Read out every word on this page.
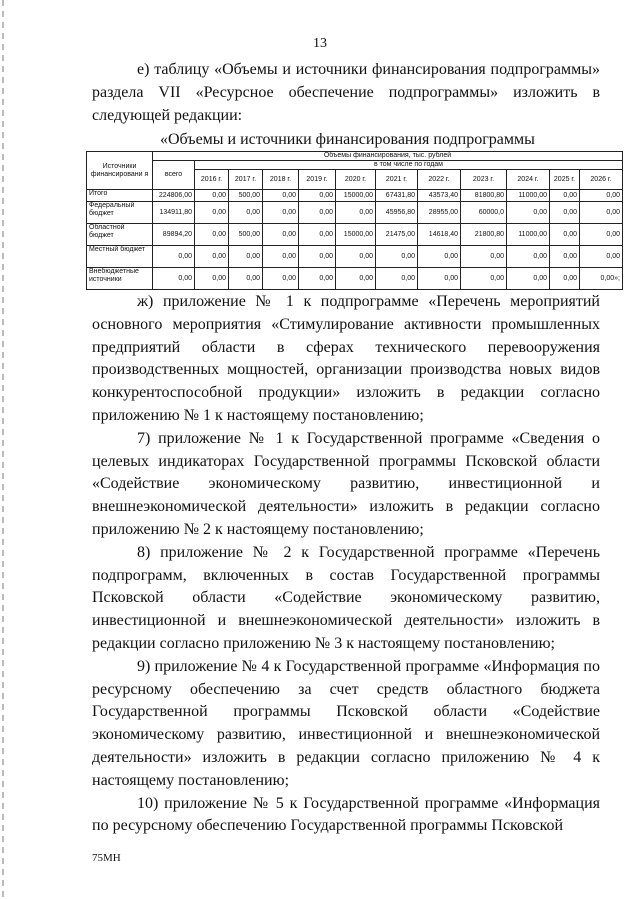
13

е) таблицу «Объемы и источники финансирования подпрограммы» раздела VII «Ресурсное обеспечение подпрограммы» изложить в следующей редакции:

«Объемы и источники финансирования подпрограммы
Источники финансировани я	Объемы финансирования, тыс. рублей											
	всего	в том числе по годам										
		2016 г.	2017 г.	2018 г.	2019 г.	2020 г.	2021 г.	2022 г.	2023 г.	2024 г.	2025 г.	2026 г.
Итого	224806,00	0,00	500,00	0,00	0,00	15000,00	67431,80	43573,40	81800,80	11000,00	0,00	0,00
Федеральный бюджет	134911,80	0,00	0,00	0,00	0,00	0,00	45956,80	28955,00	60000,0	0,00	0,00	0,00
Областной бюджет	89894,20	0,00	500,00	0,00	0,00	15000,00	21475,00	14618,40	21800,80	11000,00	0,00	0,00
Местный бюджет	0,00	0,00	0,00	0,00	0,00	0,00	0,00	0,00	0,00	0,00	0,00	0,00
Внебюджетные источники	0,00	0,00	0,00	0,00	0,00	0,00	0,00	0,00	0,00	0,00	0,00	0,00»;

ж) приложение № 1 к подпрограмме «Перечень мероприятий основного мероприятия «Стимулирование активности промышленных предприятий области в сферах технического перевооружения производственных мощностей, организации производства новых видов конкурентоспособной продукции» изложить в редакции согласно приложению № 1 к настоящему постановлению;

7) приложение № 1 к Государственной программе «Сведения о целевых индикаторах Государственной программы Псковской области «Содействие экономическому развитию, инвестиционной и внешнеэкономической деятельности» изложить в редакции согласно приложению № 2 к настоящему постановлению;

8) приложение № 2 к Государственной программе «Перечень подпрограмм, включенных в состав Государственной программы Псковской области «Содействие экономическому развитию, инвестиционной и внешнеэкономической деятельности» изложить в редакции согласно приложению № 3 к настоящему постановлению;

9) приложение № 4 к Государственной программе «Информация по ресурсному обеспечению за счет средств областного бюджета Государственной программы Псковской области «Содействие экономическому развитию, инвестиционной и внешнеэкономической деятельности» изложить в редакции согласно приложению № 4 к настоящему постановлению;

10) приложение № 5 к Государственной программе «Информация по ресурсному обеспечению Государственной программы Псковской

75МН
